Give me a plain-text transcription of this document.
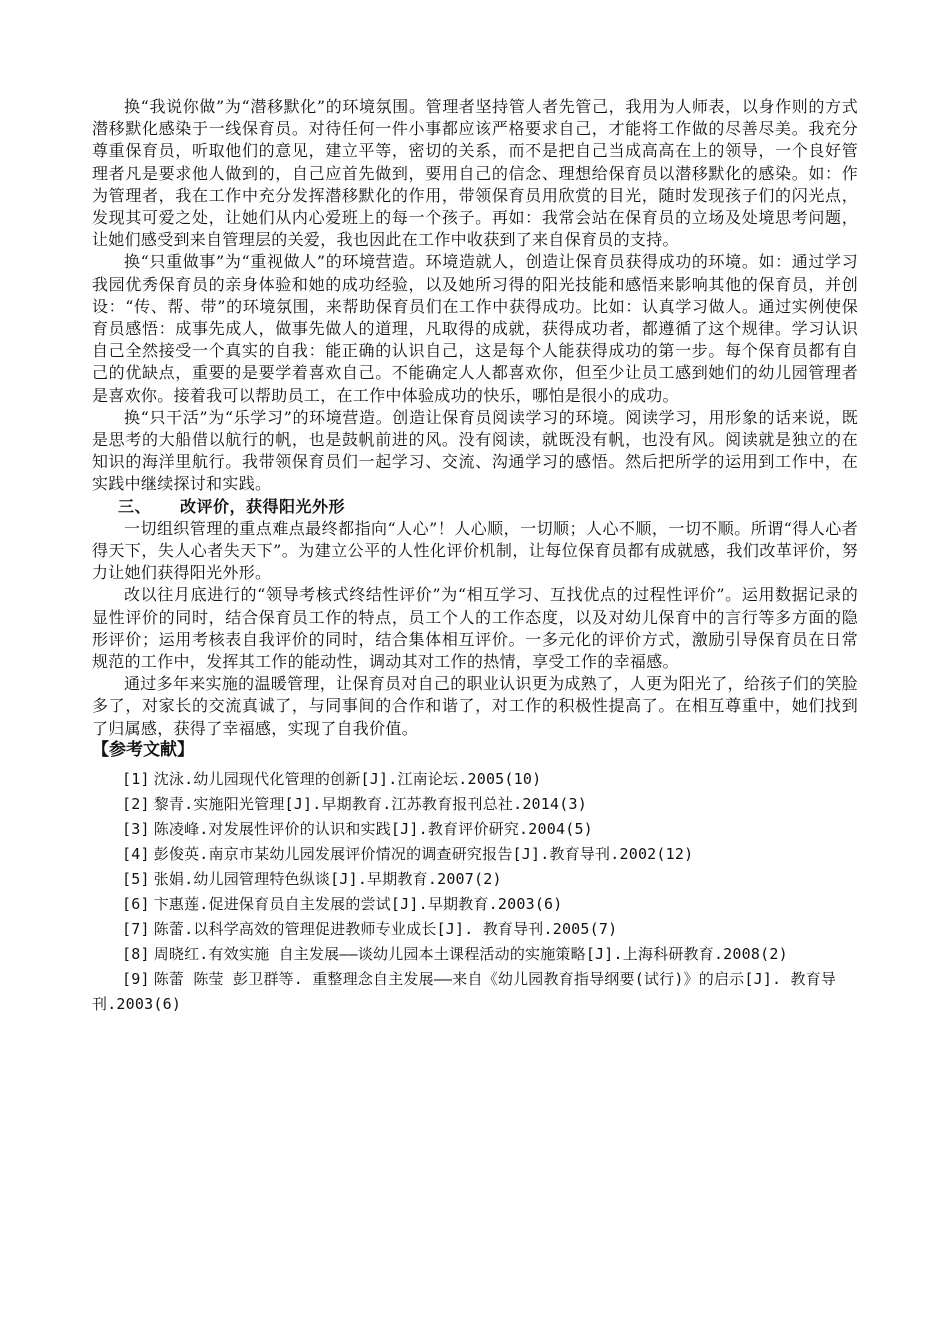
换“我说你做”为“潜移默化”的环境氛围。管理者坚持管人者先管己，我用为人师表，以身作则的方式潜移默化感染于一线保育员。对待任何一件小事都应该严格要求自己，才能将工作做的尽善尽美。我充分尊重保育员，听取他们的意见，建立平等，密切的关系，而不是把自己当成高高在上的领导，一个良好管理者凡是要求他人做到的，自己应首先做到，要用自己的信念、理想给保育员以潜移默化的感染。如：作为管理者，我在工作中充分发挥潜移默化的作用，带领保育员用欣赏的目光，随时发现孩子们的闪光点，发现其可爱之处，让她们从内心爱班上的每一个孩子。再如：我常会站在保育员的立场及处境思考问题，让她们感受到来自管理层的关爱，我也因此在工作中收获到了来自保育员的支持。

换“只重做事”为“重视做人”的环境营造。环境造就人，创造让保育员获得成功的环境。如：通过学习我园优秀保育员的亲身体验和她的成功经验，以及她所习得的阳光技能和感悟来影响其他的保育员，并创设：“传、帮、带”的环境氛围，来帮助保育员们在工作中获得成功。比如：认真学习做人。通过实例使保育员感悟：成事先成人，做事先做人的道理，凡取得的成就，获得成功者，都遵循了这个规律。学习认识自己全然接受一个真实的自我：能正确的认识自己，这是每个人能获得成功的第一步。每个保育员都有自己的优缺点，重要的是要学着喜欢自己。不能确定人人都喜欢你，但至少让员工感到她们的幼儿园管理者是喜欢你。接着我可以帮助员工，在工作中体验成功的快乐，哪怕是很小的成功。

换“只干活”为“乐学习”的环境营造。创造让保育员阅读学习的环境。阅读学习，用形象的话来说，既是思考的大船借以航行的帆，也是鼓帆前进的风。没有阅读，就既没有帆，也没有风。阅读就是独立的在知识的海洋里航行。我带领保育员们一起学习、交流、沟通学习的感悟。然后把所学的运用到工作中，在实践中继续探讨和实践。

三、 改评价，获得阳光外形

一切组织管理的重点难点最终都指向“人心”！人心顺，一切顺；人心不顺，一切不顺。所谓“得人心者得天下，失人心者失天下”。为建立公平的人性化评价机制，让每位保育员都有成就感，我们改革评价，努力让她们获得阳光外形。

改以往月底进行的“领导考核式终结性评价”为“相互学习、互找优点的过程性评价”。运用数据记录的显性评价的同时，结合保育员工作的特点，员工个人的工作态度，以及对幼儿保育中的言行等多方面的隐形评价；运用考核表自我评价的同时，结合集体相互评价。一多元化的评价方式，激励引导保育员在日常规范的工作中，发挥其工作的能动性，调动其对工作的热情，享受工作的幸福感。

通过多年来实施的温暖管理，让保育员对自己的职业认识更为成熟了，人更为阳光了，给孩子们的笑脸多了，对家长的交流真诚了，与同事间的合作和谐了，对工作的积极性提高了。在相互尊重中，她们找到了归属感，获得了幸福感，实现了自我价值。

【参考文献】

[1] 沈泳.幼儿园现代化管理的创新[J].江南论坛.2005(10)

[2] 黎青.实施阳光管理[J].早期教育.江苏教育报刊总社.2014(3)

[3] 陈凌峰.对发展性评价的认识和实践[J].教育评价研究.2004(5)

[4] 彭俊英.南京市某幼儿园发展评价情况的调查研究报告[J].教育导刊.2002(12)

[5] 张娟.幼儿园管理特色纵谈[J].早期教育.2007(2)

[6] 卞惠莲.促进保育员自主发展的尝试[J].早期教育.2003(6)

[7] 陈蕾.以科学高效的管理促进教师专业成长[J]. 教育导刊.2005(7)

[8] 周晓红.有效实施 自主发展——谈幼儿园本土课程活动的实施策略[J].上海科研教育.2008(2)

[9] 陈蕾 陈莹 彭卫群等. 重整理念自主发展——来自《幼儿园教育指导纲要(试行)》的启示[J]. 教育导刊.2003(6)
